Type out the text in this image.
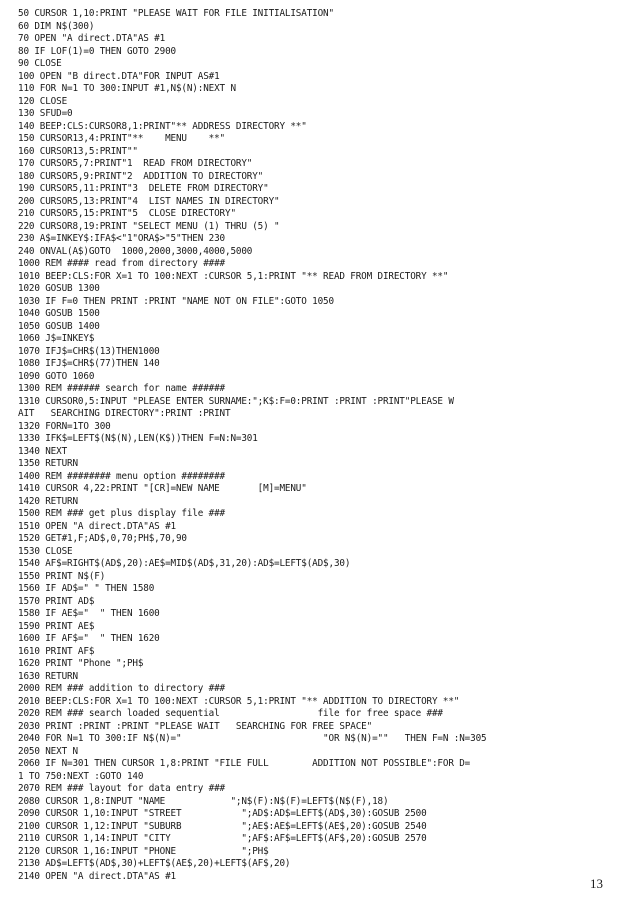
50 CURSOR 1,10:PRINT "PLEASE WAIT FOR FILE INITIALISATION"
60 DIM N$(300)
70 OPEN "A direct.DTA"AS #1
80 IF LOF(1)=0 THEN GOTO 2900
90 CLOSE
100 OPEN "B direct.DTA"FOR INPUT AS#1
110 FOR N=1 TO 300:INPUT #1,N$(N):NEXT N
120 CLOSE
130 SFUD=0
140 BEEP:CLS:CURSOR8,1:PRINT"** ADDRESS DIRECTORY **"
150 CURSOR13,4:PRINT"**    MENU    **"
160 CURSOR13,5:PRINT""
170 CURSOR5,7:PRINT"1  READ FROM DIRECTORY"
180 CURSOR5,9:PRINT"2  ADDITION TO DIRECTORY"
190 CURSOR5,11:PRINT"3  DELETE FROM DIRECTORY"
200 CURSOR5,13:PRINT"4  LIST NAMES IN DIRECTORY"
210 CURSOR5,15:PRINT"5  CLOSE DIRECTORY"
220 CURSOR8,19:PRINT "SELECT MENU (1) THRU (5) "
230 A$=INKEY$:IFA$<"1"ORA$>"5"THEN 230
240 ONVAL(A$)GOTO  1000,2000,3000,4000,5000
1000 REM #### read from directory ####
1010 BEEP:CLS:FOR X=1 TO 100:NEXT :CURSOR 5,1:PRINT "** READ FROM DIRECTORY **"
1020 GOSUB 1300
1030 IF F=0 THEN PRINT :PRINT "NAME NOT ON FILE":GOTO 1050
1040 GOSUB 1500
1050 GOSUB 1400
1060 J$=INKEY$
1070 IFJ$=CHR$(13)THEN1000
1080 IFJ$=CHR$(77)THEN 140
1090 GOTO 1060
1300 REM ###### search for name ######
1310 CURSOR0,5:INPUT "PLEASE ENTER SURNAME:";K$:F=0:PRINT :PRINT :PRINT"PLEASE W
AIT   SEARCHING DIRECTORY":PRINT :PRINT
1320 FORN=1TO 300
1330 IFK$=LEFT$(N$(N),LEN(K$))THEN F=N:N=301
1340 NEXT
1350 RETURN
1400 REM ######## menu option ########
1410 CURSOR 4,22:PRINT "[CR]=NEW NAME       [M]=MENU"
1420 RETURN
1500 REM ### get plus display file ###
1510 OPEN "A direct.DTA"AS #1
1520 GET#1,F;AD$,0,70;PH$,70,90
1530 CLOSE
1540 AF$=RIGHT$(AD$,20):AE$=MID$(AD$,31,20):AD$=LEFT$(AD$,30)
1550 PRINT N$(F)
1560 IF AD$=" " THEN 1580
1570 PRINT AD$
1580 IF AE$="  " THEN 1600
1590 PRINT AE$
1600 IF AF$="  " THEN 1620
1610 PRINT AF$
1620 PRINT "Phone ";PH$
1630 RETURN
2000 REM ### addition to directory ###
2010 BEEP:CLS:FOR X=1 TO 100:NEXT :CURSOR 5,1:PRINT "** ADDITION TO DIRECTORY **"
2020 REM ### search loaded sequential                  file for free space ###
2030 PRINT :PRINT :PRINT "PLEASE WAIT   SEARCHING FOR FREE SPACE"
2040 FOR N=1 TO 300:IF N$(N)="                          "OR N$(N)=""   THEN F=N :N=305
2050 NEXT N
2060 IF N=301 THEN CURSOR 1,8:PRINT "FILE FULL        ADDITION NOT POSSIBLE":FOR D=
1 TO 750:NEXT :GOTO 140
2070 REM ### layout for data entry ###
2080 CURSOR 1,8:INPUT "NAME            ";N$(F):N$(F)=LEFT$(N$(F),18)
2090 CURSOR 1,10:INPUT "STREET           ";AD$:AD$=LEFT$(AD$,30):GOSUB 2500
2100 CURSOR 1,12:INPUT "SUBURB           ";AE$:AE$=LEFT$(AE$,20):GOSUB 2540
2110 CURSOR 1,14:INPUT "CITY             ";AF$:AF$=LEFT$(AF$,20):GOSUB 2570
2120 CURSOR 1,16:INPUT "PHONE            ";PH$
2130 AD$=LEFT$(AD$,30)+LEFT$(AE$,20)+LEFT$(AF$,20)
2140 OPEN "A direct.DTA"AS #1	13
